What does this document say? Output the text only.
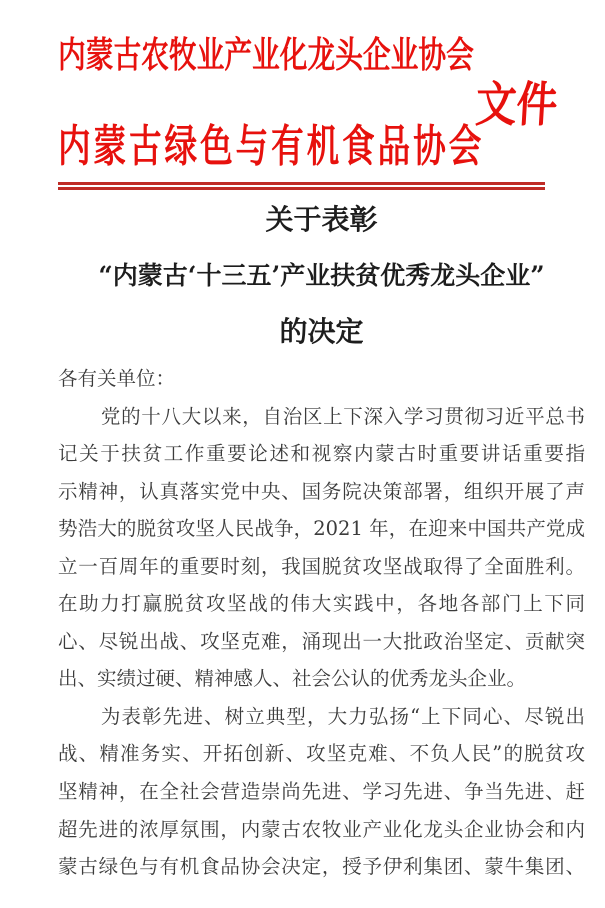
内蒙古农牧业产业化龙头企业协会
内蒙古绿色与有机食品协会
文件
关于表彰
“内蒙古‘十三五’产业扶贫优秀龙头企业”
的决定
各有关单位：
党的十八大以来，自治区上下深入学习贯彻习近平总书
记关于扶贫工作重要论述和视察内蒙古时重要讲话重要指
示精神，认真落实党中央、国务院决策部署，组织开展了声
势浩大的脱贫攻坚人民战争，2021 年，在迎来中国共产党成
立一百周年的重要时刻，我国脱贫攻坚战取得了全面胜利。
在助力打赢脱贫攻坚战的伟大实践中，各地各部门上下同
心、尽锐出战、攻坚克难，涌现出一大批政治坚定、贡献突
出、实绩过硬、精神感人、社会公认的优秀龙头企业。
为表彰先进、树立典型，大力弘扬“上下同心、尽锐出
战、精准务实、开拓创新、攻坚克难、不负人民”的脱贫攻
坚精神，在全社会营造崇尚先进、学习先进、争当先进、赶
超先进的浓厚氛围，内蒙古农牧业产业化龙头企业协会和内
蒙古绿色与有机食品协会决定，授予伊利集团、蒙牛集团、
